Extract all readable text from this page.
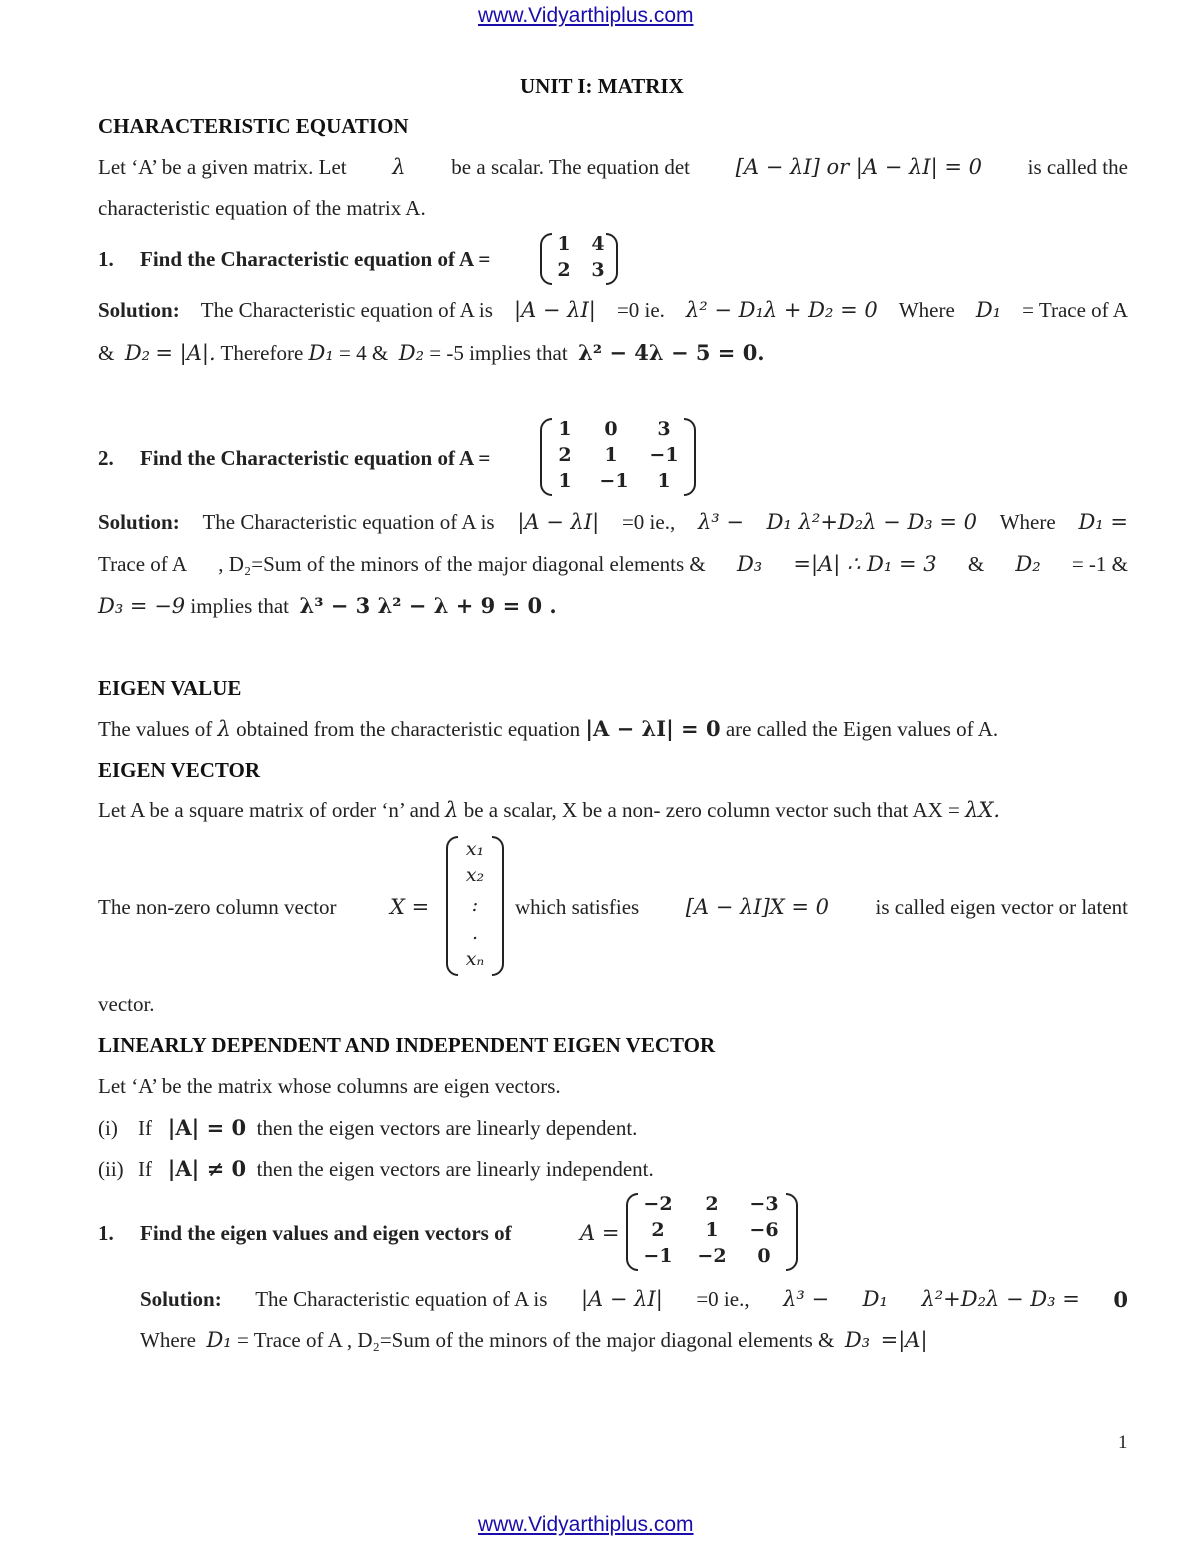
www.Vidyarthiplus.com
UNIT I: MATRIX
CHARACTERISTIC EQUATION
Let ‘A’ be a given matrix. Let λ be a scalar. The equation det [A − λI] or |A − λI| = 0 is called the
characteristic equation of the matrix A.
1. Find the Characteristic equation of A =
1 4
2 3
Solution: The Characteristic equation of A is |A − λI| =0 ie. λ² − D₁λ + D₂ = 0 Where D₁ = Trace of A
& D₂ = |A|. Therefore D₁ = 4 & D₂ = -5 implies that λ² − 4λ − 5 = 0.
2. Find the Characteristic equation of A =
1	0	3
2	1	−1
1	−1	1
Solution: The Characteristic equation of A is |A − λI| =0 ie., λ³ − D₁ λ²+D₂λ − D₃ = 0 Where D₁ =
Trace of A , D₂=Sum of the minors of the major diagonal elements & D₃ =|A| ∴ D₁ = 3 & D₂ = -1 &
D₃ = −9 implies that λ³ − 3 λ² − λ + 9 = 0 .
EIGEN VALUE
The values of λ obtained from the characteristic equation |A − λI| = 0 are called the Eigen values of A.
EIGEN VECTOR
Let A be a square matrix of order ‘n’ and λ be a scalar, X be a non- zero column vector such that AX = λX.
The non-zero column vector	X =
x₁
x₂
:
.
xₙ
which satisfies [A − λI]X = 0 is called eigen vector or latent
vector.
LINEARLY DEPENDENT AND INDEPENDENT EIGEN VECTOR
Let ‘A’ be the matrix whose columns are eigen vectors.
(i) If |A| = 0 then the eigen vectors are linearly dependent.
(ii) If |A| ≠ 0 then the eigen vectors are linearly independent.
1. Find the eigen values and eigen vectors of	A =
−2	2	−3
2	1	−6
−1 −2	0
Solution: The Characteristic equation of A is |A − λI| =0 ie., λ³ − D₁ λ²+D₂λ − D₃ = 0
Where D₁ = Trace of A , D₂=Sum of the minors of the major diagonal elements & D₃ =|A|
1
www.Vidyarthiplus.com
